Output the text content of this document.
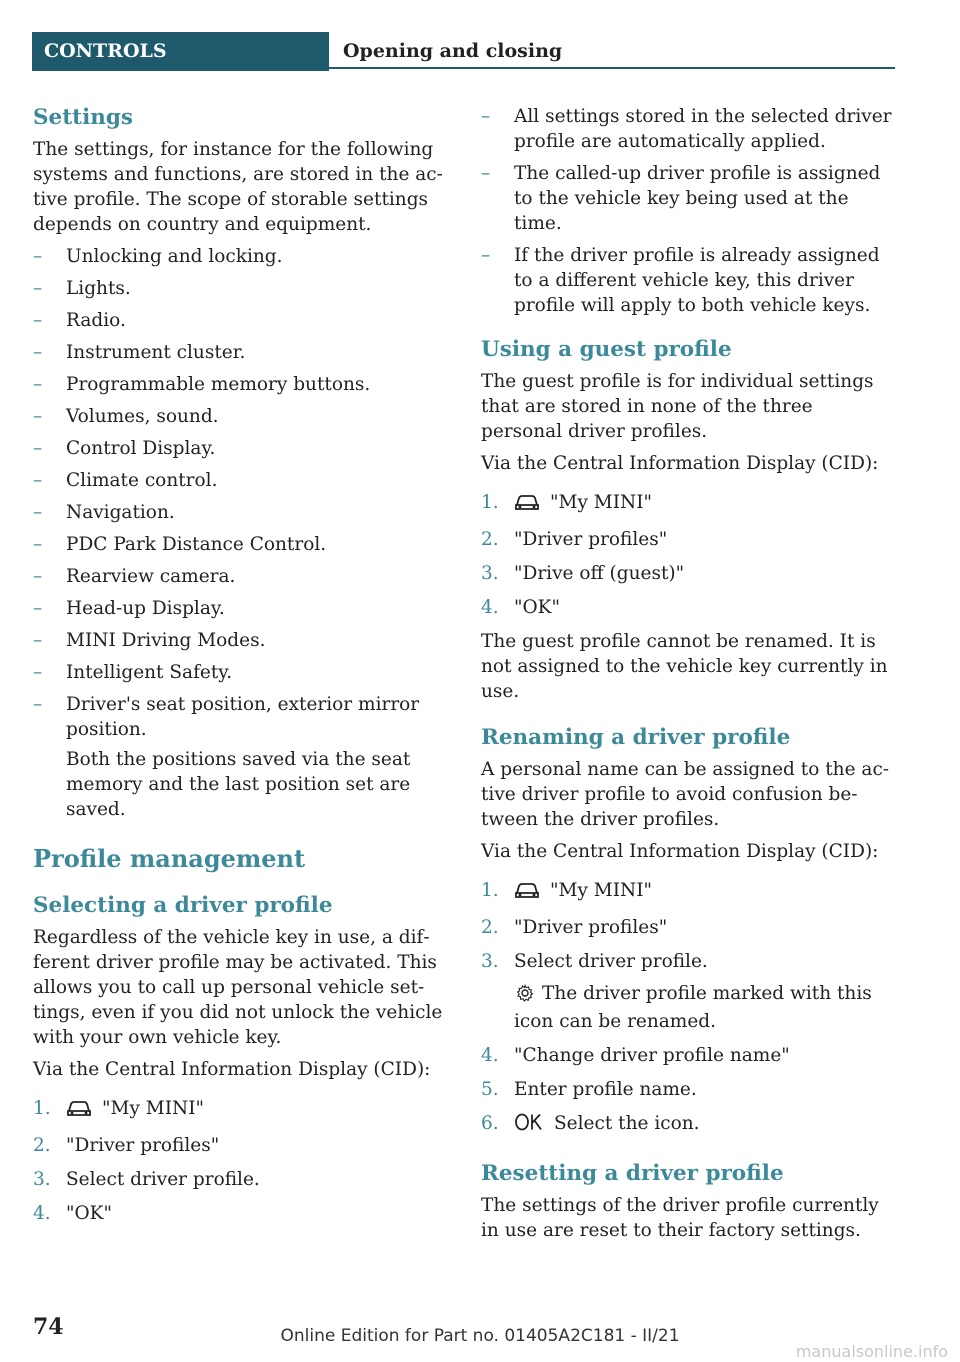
CONTROLS	Opening and closing
Settings

The settings, for instance for the following systems and functions, are stored in the ac‐tive profile. The scope of storable settings depends on country and equipment.

– Unlocking and locking.
– Lights.
– Radio.
– Instrument cluster.
– Programmable memory buttons.
– Volumes, sound.
– Control Display.
– Climate control.
– Navigation.
– PDC Park Distance Control.
– Rearview camera.
– Head-up Display.
– MINI Driving Modes.
– Intelligent Safety.
– Driver's seat position, exterior mirror position.

Both the positions saved via the seat memory and the last position set are saved.

Profile management
Selecting a driver profile

Regardless of the vehicle key in use, a dif‐ferent driver profile may be activated. This allows you to call up personal vehicle set‐tings, even if you did not unlock the vehicle with your own vehicle key.

Via the Central Information Display (CID):

1.	"My MINI"
2. "Driver profiles"
3. Select driver profile.
4. "OK"
– All settings stored in the selected driver profile are automatically applied.
– The called-up driver profile is assigned to the vehicle key being used at the time.
– If the driver profile is already assigned to a different vehicle key, this driver profile will apply to both vehicle keys.
Using a guest profile

The guest profile is for individual settings that are stored in none of the three personal driver profiles.

Via the Central Information Display (CID):

1.	"My MINI"
2. "Driver profiles"
3. "Drive off (guest)"
4. "OK"

The guest profile cannot be renamed. It is not assigned to the vehicle key currently in use.

Renaming a driver profile

A personal name can be assigned to the ac‐tive driver profile to avoid confusion be‐tween the driver profiles.

Via the Central Information Display (CID):

1.	"My MINI"
2. "Driver profiles"
3. Select driver profile.
The driver profile marked with this icon can be renamed.
4. "Change driver profile name"
5. Enter profile name.
6.	Select the icon.
Resetting a driver profile

The settings of the driver profile currently in use are reset to their factory settings.

74	Online Edition for Part no. 01405A2C181 - II/21
manualsonline.info
